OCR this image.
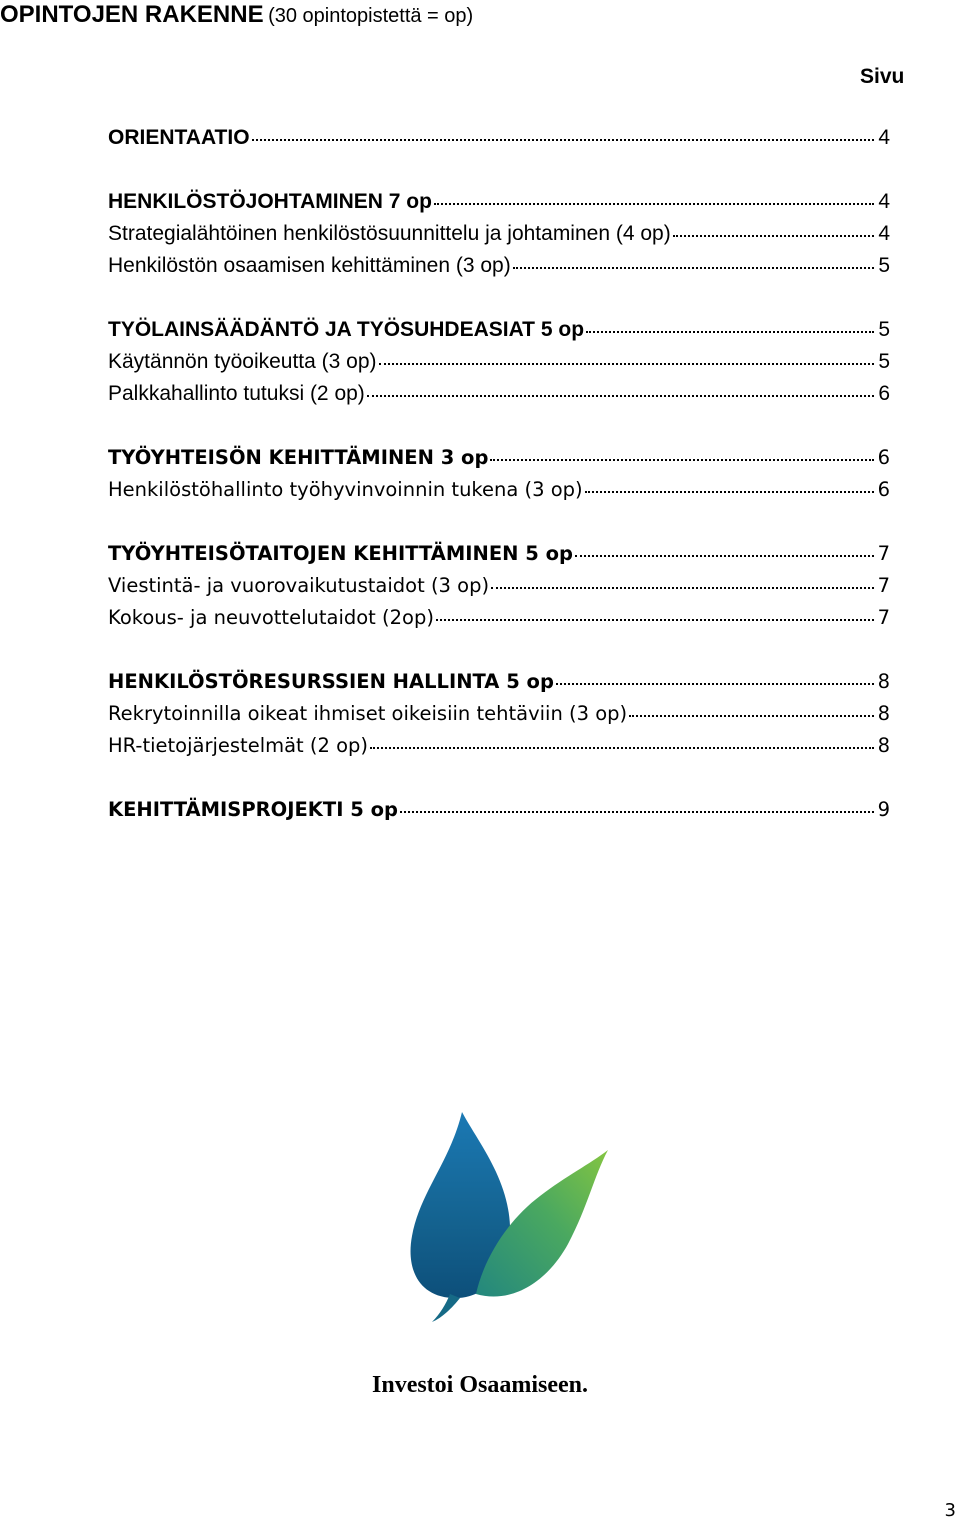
OPINTOJEN RAKENNE (30 opintopistettä = op)
Sivu
ORIENTAATIO	4
HENKILÖSTÖJOHTAMINEN 7 op	4
Strategialähtöinen henkilöstösuunnittelu ja johtaminen (4 op)	4
Henkilöstön osaamisen kehittäminen (3 op)	5
TYÖLAINSÄÄDÄNTÖ JA TYÖSUHDEASIAT 5 op	5
Käytännön työoikeutta (3 op)	5
Palkkahallinto tutuksi (2 op)	6
TYÖYHTEISÖN KEHITTÄMINEN 3 op	6
Henkilöstöhallinto työhyvinvoinnin tukena (3 op)	6
TYÖYHTEISÖTAITOJEN KEHITTÄMINEN 5 op	7
Viestintä- ja vuorovaikutustaidot (3 op)	7
Kokous- ja neuvottelutaidot (2op)	7
HENKILÖSTÖRESURSSIEN HALLINTA 5 op	8
Rekrytoinnilla oikeat ihmiset oikeisiin tehtäviin (3 op)	8
HR-tietojärjestelmät (2 op)	8
KEHITTÄMISPROJEKTI 5 op	9
Investoi Osaamiseen.
3
